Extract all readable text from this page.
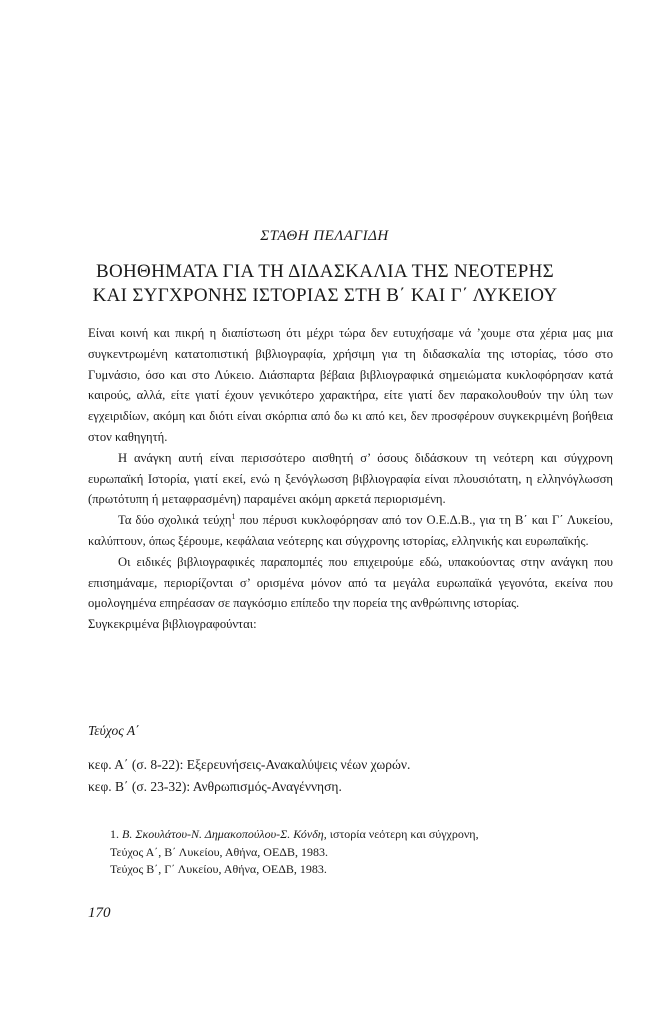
ΣΤΑΘΗ ΠΕΛΑΓΙΔΗ
ΒΟΗΘΗΜΑΤΑ ΓΙΑ ΤΗ ΔΙΔΑΣΚΑΛΙΑ ΤΗΣ ΝΕΟΤΕΡΗΣ
ΚΑΙ ΣΥΓΧΡΟΝΗΣ ΙΣΤΟΡΙΑΣ ΣΤΗ Β΄ ΚΑΙ Γ΄ ΛΥΚΕΙΟΥ

Είναι κοινή και πικρή η διαπίστωση ότι μέχρι τώρα δεν ευτυχήσαμε νά ’χουμε στα χέρια μας μια συγκεντρωμένη κατατοπιστική βιβλιογραφία, χρήσιμη για τη διδασκαλία της ιστορίας, τόσο στο Γυμνάσιο, όσο και στο Λύκειο. Διάσπαρτα βέβαια βιβλιογραφικά σημειώματα κυκλοφόρησαν κατά καιρούς, αλλά, είτε γιατί έχουν γενικότερο χαρακτήρα, είτε γιατί δεν παρακολουθούν την ύλη των εγχειριδίων, ακόμη και διότι είναι σκόρπια από δω κι από κει, δεν προσφέρουν συγκεκριμένη βοήθεια στον καθηγητή.

Η ανάγκη αυτή είναι περισσότερο αισθητή σ’ όσους διδάσκουν τη νεότερη και σύγχρονη ευρωπαϊκή Ιστορία, γιατί εκεί, ενώ η ξενόγλωσση βιβλιογραφία είναι πλουσιότατη, η ελληνόγλωσση (πρωτότυπη ή μεταφρασμένη) παραμένει ακόμη αρκετά περιορισμένη.

Τα δύο σχολικά τεύχη$^1$ που πέρυσι κυκλοφόρησαν από τον Ο.Ε.Δ.Β., για τη Β΄ και Γ΄ Λυκείου, καλύπτουν, όπως ξέρουμε, κεφάλαια νεότερης και σύγχρονης ιστορίας, ελληνικής και ευρωπαϊκής.

Οι ειδικές βιβλιογραφικές παραπομπές που επιχειρούμε εδώ, υπακούοντας στην ανάγκη που επισημάναμε, περιορίζονται σ’ ορισμένα μόνον από τα μεγάλα ευρωπαϊκά γεγονότα, εκείνα που ομολογημένα επηρέασαν σε παγκόσμιο επίπεδο την πορεία της ανθρώπινης ιστορίας.

Συγκεκριμένα βιβλιογραφούνται:

Τεύχος Α΄
κεφ. Α΄ (σ. 8-22): Εξερευνήσεις-Ανακαλύψεις νέων χωρών.
κεφ. Β΄ (σ. 23-32): Ανθρωπισμός-Αναγέννηση.
1. Β. Σκουλάτου-Ν. Δημακοπούλου-Σ. Κόνδη, ιστορία νεότερη και σύγχρονη,
Τεύχος Α΄, Β΄ Λυκείου, Αθήνα, ΟΕΔΒ, 1983.
Τεύχος Β΄, Γ΄ Λυκείου, Αθήνα, ΟΕΔΒ, 1983.
170
